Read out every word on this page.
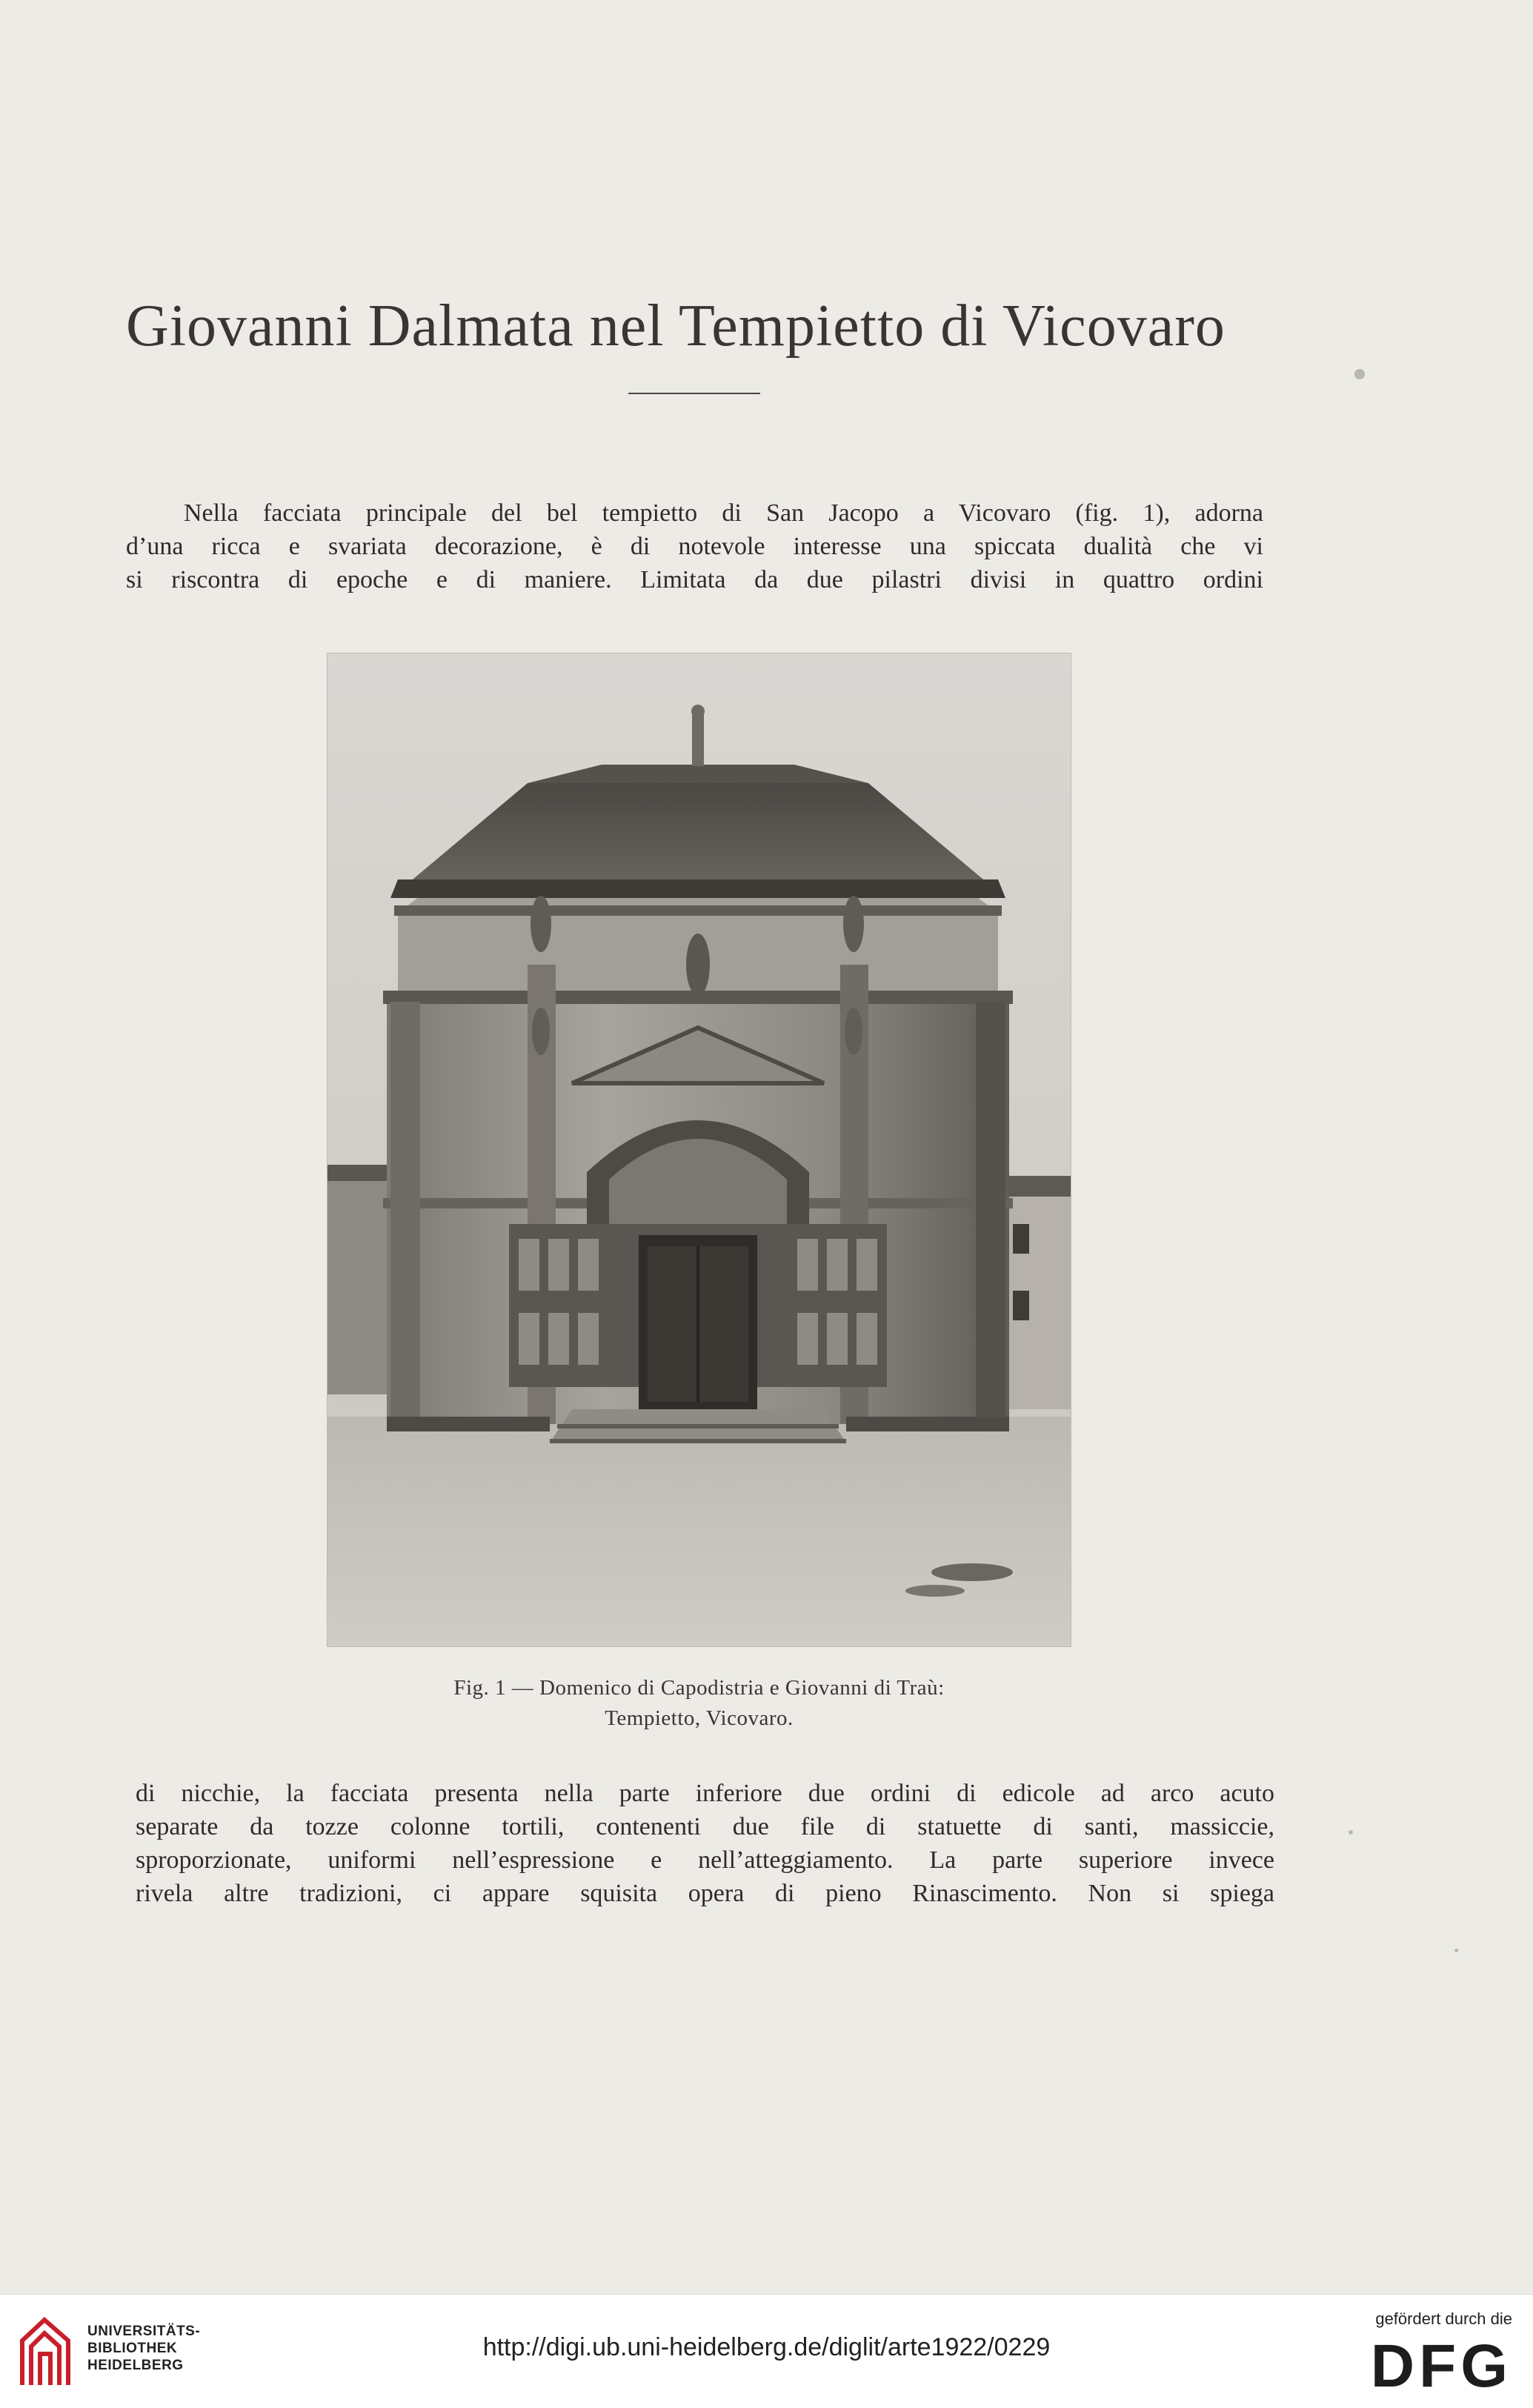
Giovanni Dalmata nel Tempietto di Vicovaro
Nella facciata principale del bel tempietto di San Jacopo a Vicovaro (fig. 1), adorna
d’una ricca e svariata decorazione, è di notevole interesse una spiccata dualità che vi
si riscontra di epoche e di maniere. Limitata da due pilastri divisi in quattro ordini
Fig. 1 — Domenico di Capodistria e Giovanni di Traù:
Tempietto, Vicovaro.
di nicchie, la facciata presenta nella parte inferiore due ordini di edicole ad arco acuto
separate da tozze colonne tortili, contenenti due file di statuette di santi, massiccie,
sproporzionate, uniformi nell’espressione e nell’atteggiamento. La parte superiore invece
rivela altre tradizioni, ci appare squisita opera di pieno Rinascimento. Non si spiega
UNIVERSITÄTS-
BIBLIOTHEK
HEIDELBERG
http://digi.ub.uni-heidelberg.de/diglit/arte1922/0229
gefördert durch die
DFG
